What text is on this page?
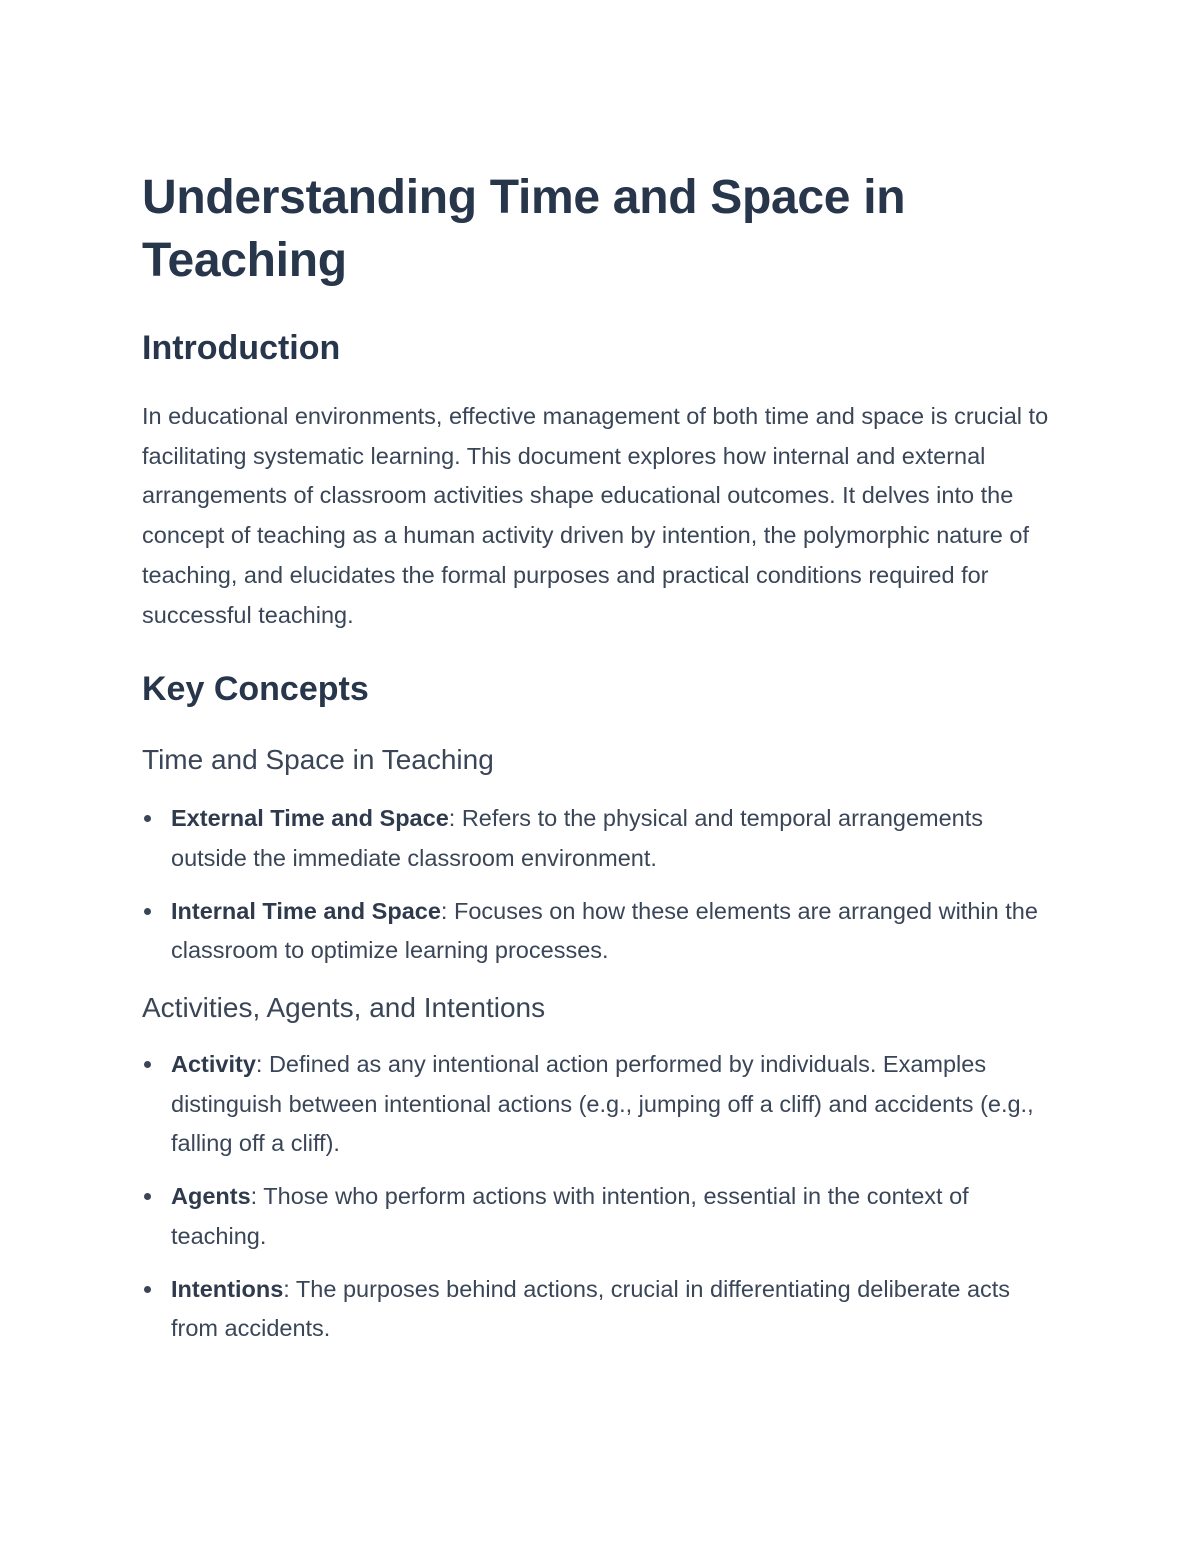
Understanding Time and Space in Teaching
Introduction

In educational environments, effective management of both time and space is crucial to facilitating systematic learning. This document explores how internal and external arrangements of classroom activities shape educational outcomes. It delves into the concept of teaching as a human activity driven by intention, the polymorphic nature of teaching, and elucidates the formal purposes and practical conditions required for successful teaching.

Key Concepts
Time and Space in Teaching
External Time and Space: Refers to the physical and temporal arrangements outside the immediate classroom environment.
Internal Time and Space: Focuses on how these elements are arranged within the classroom to optimize learning processes.
Activities, Agents, and Intentions
Activity: Defined as any intentional action performed by individuals. Examples distinguish between intentional actions (e.g., jumping off a cliff) and accidents (e.g., falling off a cliff).
Agents: Those who perform actions with intention, essential in the context of teaching.
Intentions: The purposes behind actions, crucial in differentiating deliberate acts from accidents.
